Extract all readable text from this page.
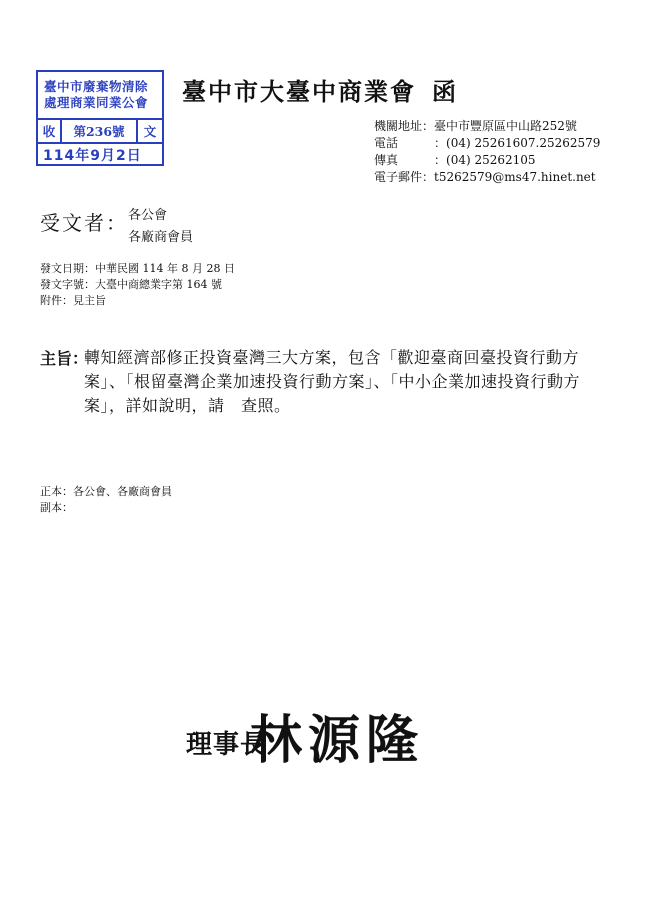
臺中市廢棄物清除
處理商業同業公會
收	第236號	文
114年9月2日
臺中市大臺中商業會 函
機關地址 ： 臺中市豐原區中山路252號
電話	： (04) 25261607.25262579
傳真	： (04) 25262105
電子郵件 ： t5262579@ms47.hinet.net
受文者： 各公會
各廠商會員
發文日期：中華民國 114 年 8 月 28 日
發文字號：大臺中商總業字第 164 號
附件：見主旨
主旨：
轉知經濟部修正投資臺灣三大方案，包含「歡迎臺商回臺投資行動方案」、「根留臺灣企業加速投資行動方案」、「中小企業加速投資行動方案」，詳如說明，請　查照。
正本：各公會、各廠商會員
副本：
理事長
林源隆
